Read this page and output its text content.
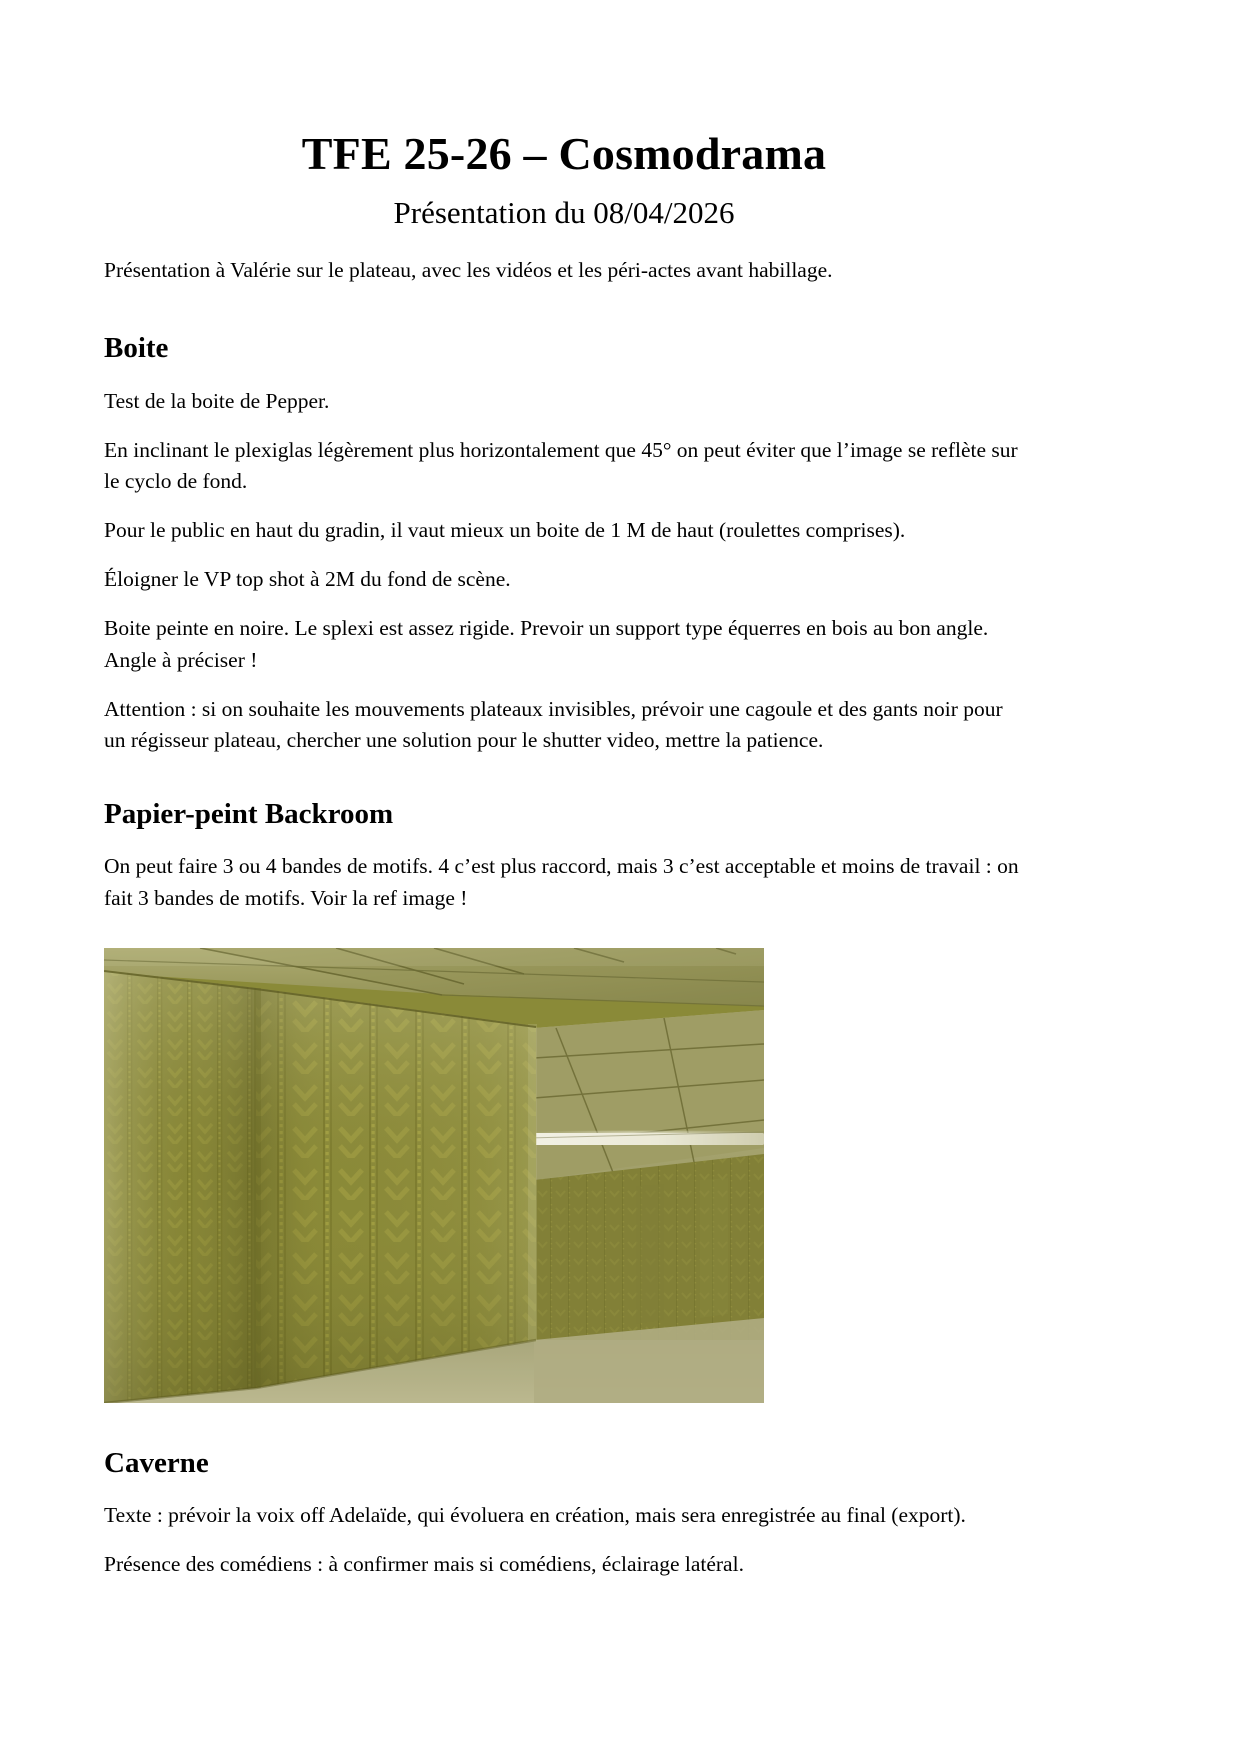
TFE 25-26 – Cosmodrama
Présentation du 08/04/2026

Présentation à Valérie sur le plateau, avec les vidéos et les péri-actes avant habillage.

Boite

Test de la boite de Pepper.

En inclinant le plexiglas légèrement plus horizontalement que 45° on peut éviter que l’image se reflète sur le cyclo de fond.

Pour le public en haut du gradin, il vaut mieux un boite de 1 M de haut (roulettes comprises).

Éloigner le VP top shot à 2M du fond de scène.

Boite peinte en noire. Le splexi est assez rigide. Prevoir un support type équerres en bois au bon angle. Angle à préciser !

Attention : si on souhaite les mouvements plateaux invisibles, prévoir une cagoule et des gants noir pour un régisseur plateau, chercher une solution pour le shutter video, mettre la patience.

Papier-peint Backroom

On peut faire 3 ou 4 bandes de motifs. 4 c’est plus raccord, mais 3 c’est acceptable et moins de travail : on fait 3 bandes de motifs. Voir la ref image !

Caverne

Texte : prévoir la voix off Adelaïde, qui évoluera en création, mais sera enregistrée au final (export).

Présence des comédiens : à confirmer mais si comédiens, éclairage latéral.
